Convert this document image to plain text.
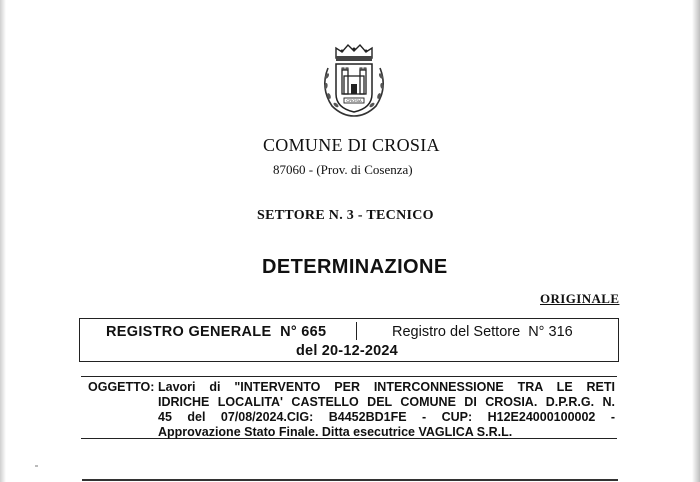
CROSIA
COMUNE DI CROSIA
87060 - (Prov. di Cosenza)
SETTORE N. 3 - TECNICO
DETERMINAZIONE
ORIGINALE
REGISTRO GENERALE  N° 665	Registro del Settore  N° 316
del 20-12-2024
OGGETTO: Lavori di "INTERVENTO PER INTERCONNESSIONE TRA LE RETI
IDRICHE LOCALITA' CASTELLO DEL COMUNE DI CROSIA. D.P.R.G. N.
45 del 07/08/2024.CIG: B4452BD1FE - CUP: H12E24000100002 -
Approvazione Stato Finale. Ditta esecutrice VAGLICA S.R.L.
